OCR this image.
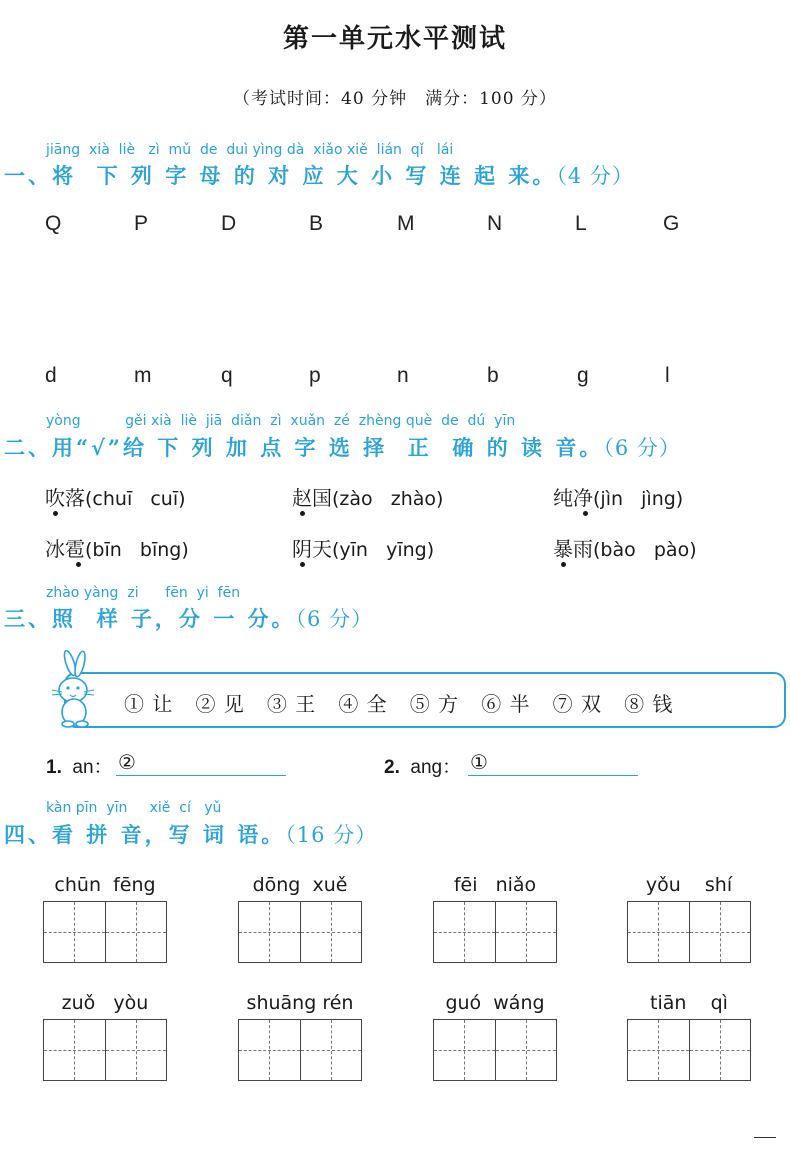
第一单元水平测试
（考试时间：40 分钟　满分：100 分）
jiāng  xià  liè   zì  mǔ  de  duì yìng dà  xiǎo xiě  lián  qǐ   lái
一、将  下 列 字 母 的 对 应 大 小 写 连 起 来。（4 分）
Q	P	D	B	M	N	L	G
d	m	q	p	n	b	g	l
yòng          gěi xià  liè  jiā  diǎn  zì  xuǎn  zé  zhèng què  de  dú  yīn
二、用“√”给 下 列 加 点 字 选 择  正  确 的 读 音。（6 分）
吹落(chuī   cuī)	赵国(zào   zhào)	纯净(jìn   jìng)
冰雹(bīn   bīng)	阴天(yīn   yīng)	暴雨(bào   pào)
zhào yàng  zi      fēn  yi  fēn
三、照  样 子，分 一 分。（6 分）
① 让 ② 见 ③ 王 ④ 全 ⑤ 方 ⑥ 半 ⑦ 双 ⑧ 钱
1. an： ②	2. ang： ①
kàn pīn  yīn     xiě  cí   yǔ
四、看 拼 音，写 词 语。（16 分）
chūn  fēng	dōng  xuě	fēi   niǎo	yǒu    shí
zuǒ   yòu	shuāng rén	guó  wáng	tiān    qì
